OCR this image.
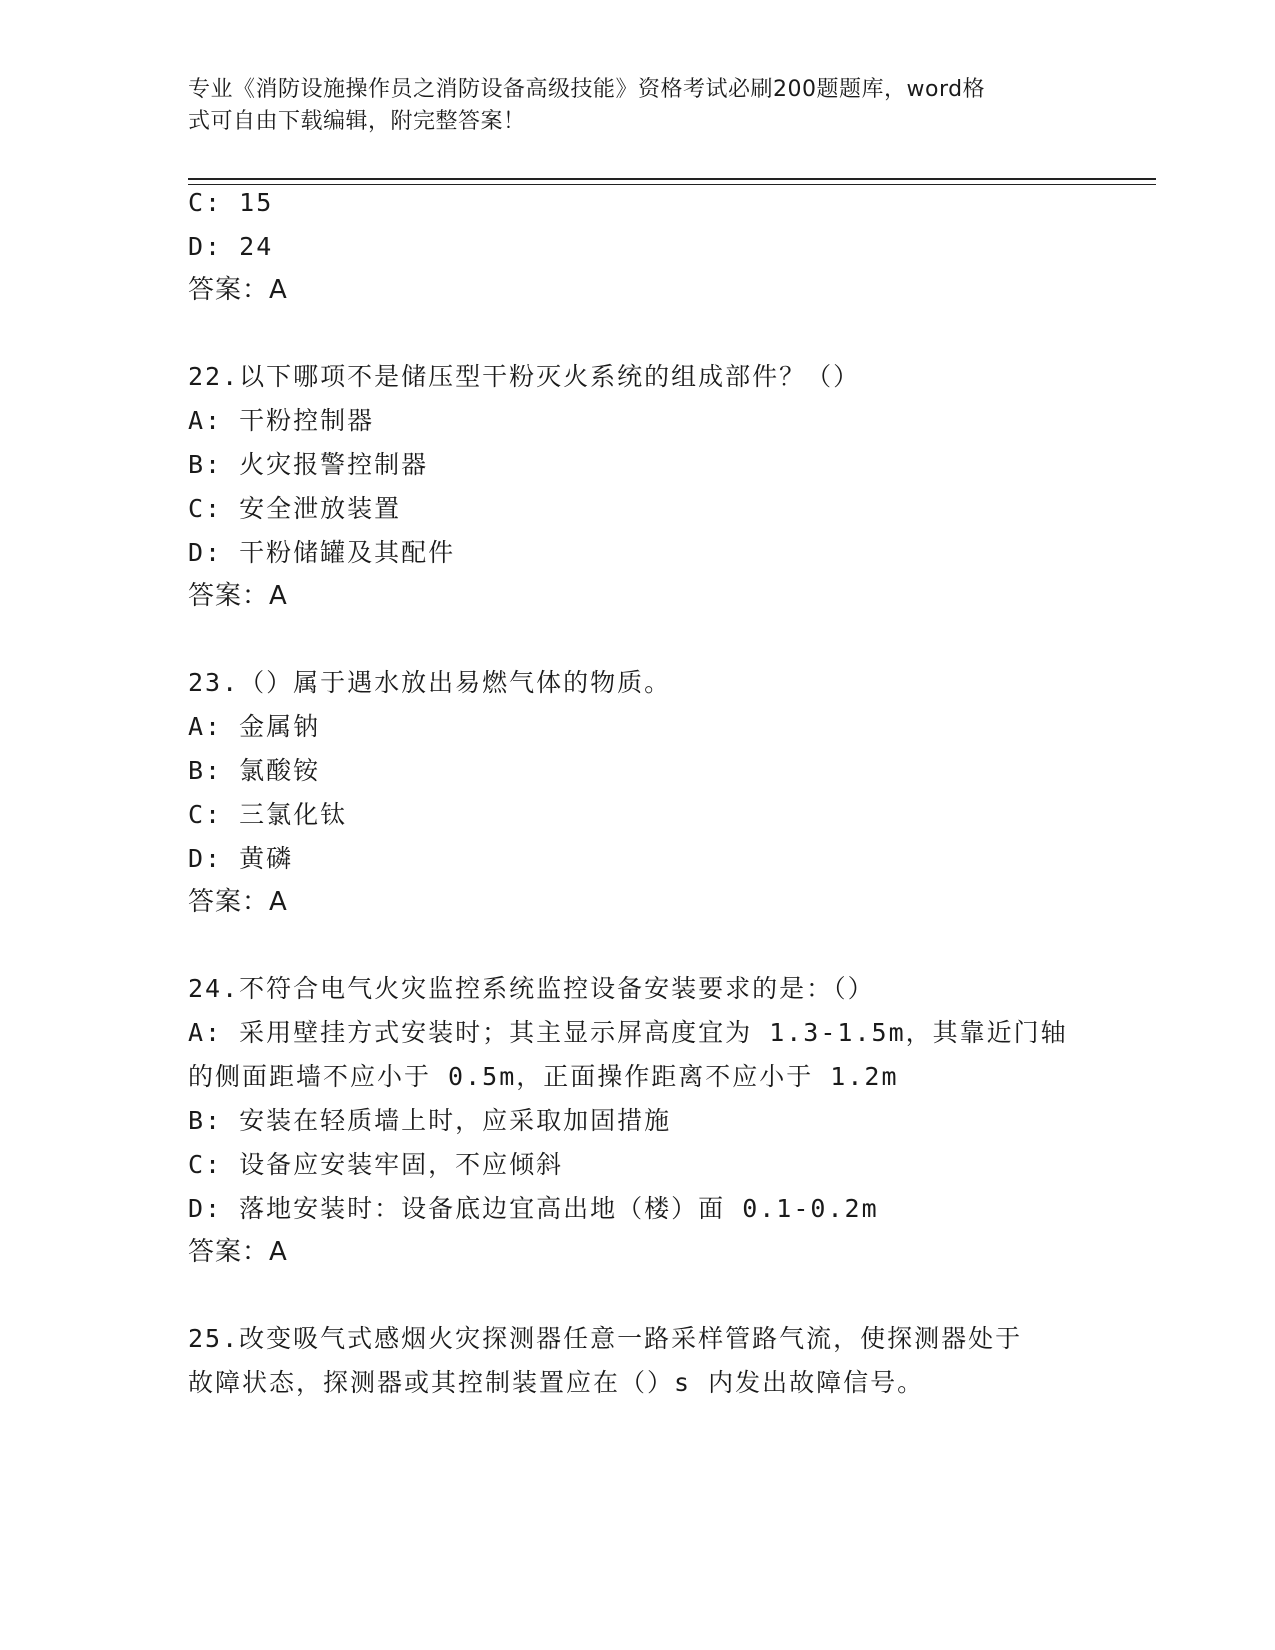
专业《消防设施操作员之消防设备高级技能》资格考试必刷200题题库，word格
式可自由下载编辑，附完整答案！
C: 15
D: 24
答案：A
22.以下哪项不是储压型干粉灭火系统的组成部件？（）
A: 干粉控制器
B: 火灾报警控制器
C: 安全泄放装置
D: 干粉储罐及其配件
答案：A
23.（）属于遇水放出易燃气体的物质。
A: 金属钠
B: 氯酸铵
C: 三氯化钛
D: 黄磷
答案：A
24.不符合电气火灾监控系统监控设备安装要求的是：（）
A: 采用壁挂方式安装时；其主显示屏高度宜为 1.3-1.5m，其靠近门轴
的侧面距墙不应小于 0.5m，正面操作距离不应小于 1.2m
B: 安装在轻质墙上时，应采取加固措施
C: 设备应安装牢固，不应倾斜
D: 落地安装时：设备底边宜高出地（楼）面 0.1-0.2m
答案：A
25.改变吸气式感烟火灾探测器任意一路采样管路气流，使探测器处于
故障状态，探测器或其控制装置应在（）s 内发出故障信号。
